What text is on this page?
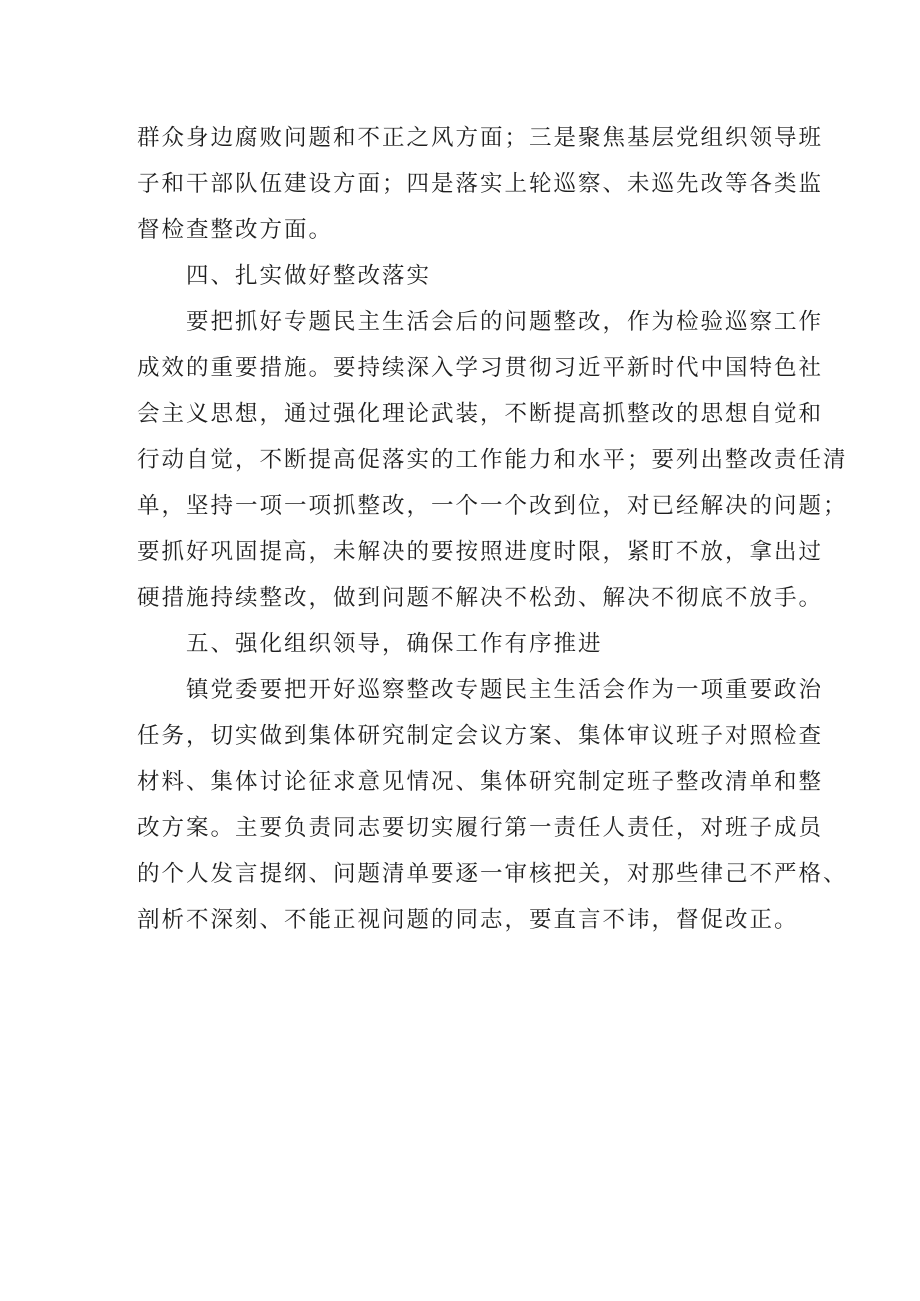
群众身边腐败问题和不正之风方面；三是聚焦基层党组织领导班
子和干部队伍建设方面；四是落实上轮巡察、未巡先改等各类监
督检查整改方面。
四、扎实做好整改落实
要把抓好专题民主生活会后的问题整改，作为检验巡察工作
成效的重要措施。要持续深入学习贯彻习近平新时代中国特色社
会主义思想，通过强化理论武装，不断提高抓整改的思想自觉和
行动自觉，不断提高促落实的工作能力和水平；要列出整改责任清
单，坚持一项一项抓整改，一个一个改到位，对已经解决的问题；
要抓好巩固提高，未解决的要按照进度时限，紧盯不放，拿出过
硬措施持续整改，做到问题不解决不松劲、解决不彻底不放手。
五、强化组织领导，确保工作有序推进
镇党委要把开好巡察整改专题民主生活会作为一项重要政治
任务，切实做到集体研究制定会议方案、集体审议班子对照检查
材料、集体讨论征求意见情况、集体研究制定班子整改清单和整
改方案。主要负责同志要切实履行第一责任人责任，对班子成员
的个人发言提纲、问题清单要逐一审核把关，对那些律己不严格、
剖析不深刻、不能正视问题的同志，要直言不讳，督促改正。
